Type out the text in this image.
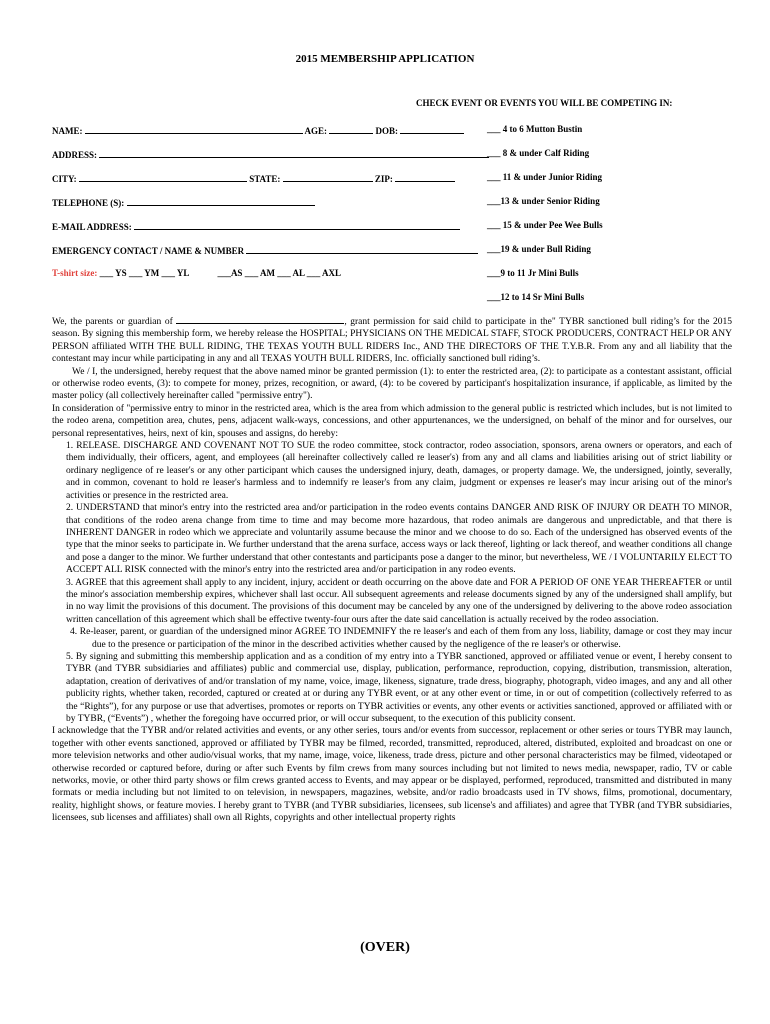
2015 MEMBERSHIP APPLICATION
CHECK EVENT OR EVENTS YOU WILL BE COMPETING IN:
NAME:	AGE:	DOB:
ADDRESS:
CITY:	STATE:	ZIP:
TELEPHONE (S):
E-MAIL ADDRESS:
EMERGENCY CONTACT / NAME & NUMBER
T-shirt size: ___ YS ___ YM ___ YL	___AS ___ AM ___ AL ___ AXL
___ 4 to 6 Mutton Bustin
___ 8 & under Calf Riding
___ 11 & under Junior Riding
___13 & under Senior Riding
___ 15 & under Pee Wee Bulls
___19 & under Bull Riding
___9 to 11 Jr Mini Bulls
___12 to 14 Sr Mini Bulls

We, the parents or guardian of	, grant permission for said child to participate in the" TYBR sanctioned bull riding’s for the 2015 season. By signing this membership form, we hereby release the HOSPITAL; PHYSICIANS ON THE MEDICAL STAFF, STOCK PRODUCERS, CONTRACT HELP OR ANY PERSON affiliated WITH THE BULL RIDING, THE TEXAS YOUTH BULL RIDERS Inc., AND THE DIRECTORS OF THE T.Y.B.R. From any and all liability that the contestant may incur while participating in any and all TEXAS YOUTH BULL RIDERS, Inc. officially sanctioned bull riding’s.

We / I, the undersigned, hereby request that the above named minor be granted permission (1): to enter the restricted area, (2): to participate as a contestant assistant, official or otherwise rodeo events, (3): to compete for money, prizes, recognition, or award, (4): to be covered by participant's hospitalization insurance, if applicable, as limited by the master policy (all collectively hereinafter called "permissive entry").

In consideration of "permissive entry to minor in the restricted area, which is the area from which admission to the general public is restricted which includes, but is not limited to the rodeo arena, competition area, chutes, pens, adjacent walk-ways, concessions, and other appurtenances, we the undersigned, on behalf of the minor and for ourselves, our personal representatives, heirs, next of kin, spouses and assigns, do hereby:

1. RELEASE. DISCHARGE AND COVENANT NOT TO SUE the rodeo committee, stock contractor, rodeo association, sponsors, arena owners or operators, and each of them individually, their officers, agent, and employees (all hereinafter collectively called re leaser's) from any and all clams and liabilities arising out of strict liability or ordinary negligence of re leaser's or any other participant which causes the undersigned injury, death, damages, or property damage. We, the undersigned, jointly, severally, and in common, covenant to hold re leaser's harmless and to indemnify re leaser's from any claim, judgment or expenses re leaser's may incur arising out of the minor's activities or presence in the restricted area.

2. UNDERSTAND that minor's entry into the restricted area and/or participation in the rodeo events contains DANGER AND RISK OF INJURY OR DEATH TO MINOR, that conditions of the rodeo arena change from time to time and may become more hazardous, that rodeo animals are dangerous and unpredictable, and that there is INHERENT DANGER in rodeo which we appreciate and voluntarily assume because the minor and we choose to do so. Each of the undersigned has observed events of the type that the minor seeks to participate in. We further understand that the arena surface, access ways or lack thereof, lighting or lack thereof, and weather conditions all change and pose a danger to the minor. We further understand that other contestants and participants pose a danger to the minor, but nevertheless, WE / I VOLUNTARILY ELECT TO ACCEPT ALL RISK connected with the minor's entry into the restricted area and/or participation in any rodeo events.

3. AGREE that this agreement shall apply to any incident, injury, accident or death occurring on the above date and FOR A PERIOD OF ONE YEAR THEREAFTER or until the minor's association membership expires, whichever shall last occur. All subsequent agreements and release documents signed by any of the undersigned shall amplify, but in no way limit the provisions of this document. The provisions of this document may be canceled by any one of the undersigned by delivering to the above rodeo association written cancellation of this agreement which shall be effective twenty-four ours after the date said cancellation is actually received by the rodeo association.

4. Re-leaser, parent, or guardian of the undersigned minor AGREE TO INDEMNIFY the re leaser's and each of them from any loss, liability, damage or cost they may incur due to the presence or participation of the minor in the described activities whether caused by the negligence of the re leaser's or otherwise.

5. By signing and submitting this membership application and as a condition of my entry into a TYBR sanctioned, approved or affiliated venue or event, I hereby consent to TYBR (and TYBR subsidiaries and affiliates) public and commercial use, display, publication, performance, reproduction, copying, distribution, transmission, alteration, adaptation, creation of derivatives of and/or translation of my name, voice, image, likeness, signature, trade dress, biography, photograph, video images, and any and all other publicity rights, whether taken, recorded, captured or created at or during any TYBR event, or at any other event or time, in or out of competition (collectively referred to as the “Rights”), for any purpose or use that advertises, promotes or reports on TYBR activities or events, any other events or activities sanctioned, approved or affiliated with or by TYBR, (“Events”) , whether the foregoing have occurred prior, or will occur subsequent, to the execution of this publicity consent.

I acknowledge that the TYBR and/or related activities and events, or any other series, tours and/or events from successor, replacement or other series or tours TYBR may launch, together with other events sanctioned, approved or affiliated by TYBR may be filmed, recorded, transmitted, reproduced, altered, distributed, exploited and broadcast on one or more television networks and other audio/visual works, that my name, image, voice, likeness, trade dress, picture and other personal characteristics may be filmed, videotaped or otherwise recorded or captured before, during or after such Events by film crews from many sources including but not limited to news media, newspaper, radio, TV or cable networks, movie, or other third party shows or film crews granted access to Events, and may appear or be displayed, performed, reproduced, transmitted and distributed in many formats or media including but not limited to on television, in newspapers, magazines, website, and/or radio broadcasts used in TV shows, films, promotional, documentary, reality, highlight shows, or feature movies. I hereby grant to TYBR (and TYBR subsidiaries, licensees, sub license's and affiliates) and agree that TYBR (and TYBR subsidiaries, licensees, sub licenses and affiliates) shall own all Rights, copyrights and other intellectual property rights

(OVER)
